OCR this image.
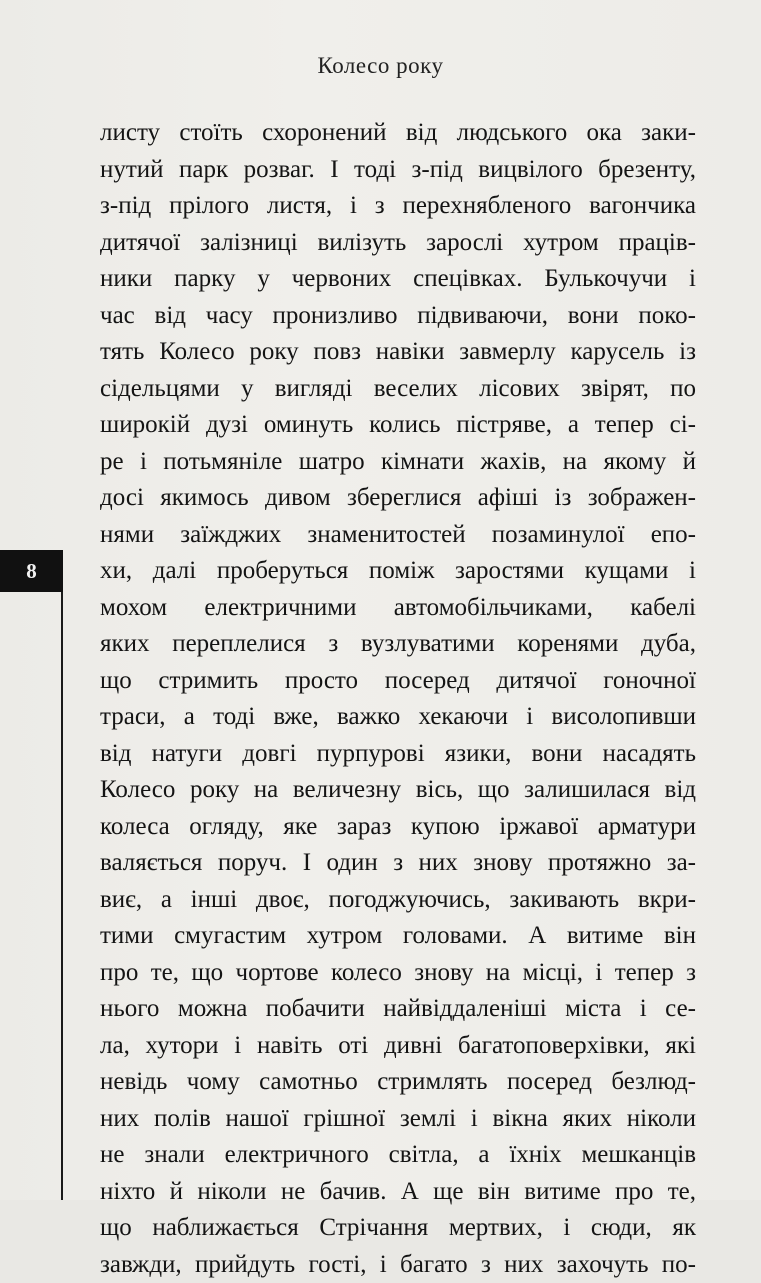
Колесо року
8
листу стоїть схоронений від людського ока заки-
нутий парк розваг. І тоді з-під вицвілого брезенту,
з-під прілого листя, і з перехнябленого вагончика
дитячої залізниці вилізуть зарослі хутром праців-
ники парку у червоних спецівках. Булькочучи і
час від часу пронизливо підвиваючи, вони поко-
тять Колесо року повз навіки завмерлу карусель із
сідельцями у вигляді веселих лісових звірят, по
широкій дузі оминуть колись пістряве, а тепер сі-
ре і потьмяніле шатро кімнати жахів, на якому й
досі якимось дивом збереглися афіші із зображен-
нями заїжджих знаменитостей позаминулої епо-
хи, далі проберуться поміж заростями кущами і
мохом електричними автомобільчиками, кабелі
яких переплелися з вузлуватими коренями дуба,
що стримить просто посеред дитячої гоночної
траси, а тоді вже, важко хекаючи і висолопивши
від натуги довгі пурпурові язики, вони насадять
Колесо року на величезну вісь, що залишилася від
колеса огляду, яке зараз купою іржавої арматури
валяється поруч. І один з них знову протяжно за-
виє, а інші двоє, погоджуючись, закивають вкри-
тими смугастим хутром головами. А витиме він
про те, що чортове колесо знову на місці, і тепер з
нього можна побачити найвіддаленіші міста і се-
ла, хутори і навіть оті дивні багатоповерхівки, які
невідь чому самотньо стримлять посеред безлюд-
них полів нашої грішної землі і вікна яких ніколи
не знали електричного світла, а їхніх мешканців
ніхто й ніколи не бачив. А ще він витиме про те,
що наближається Стрічання мертвих, і сюди, як
завжди, прийдуть гості, і багато з них захочуть по-
